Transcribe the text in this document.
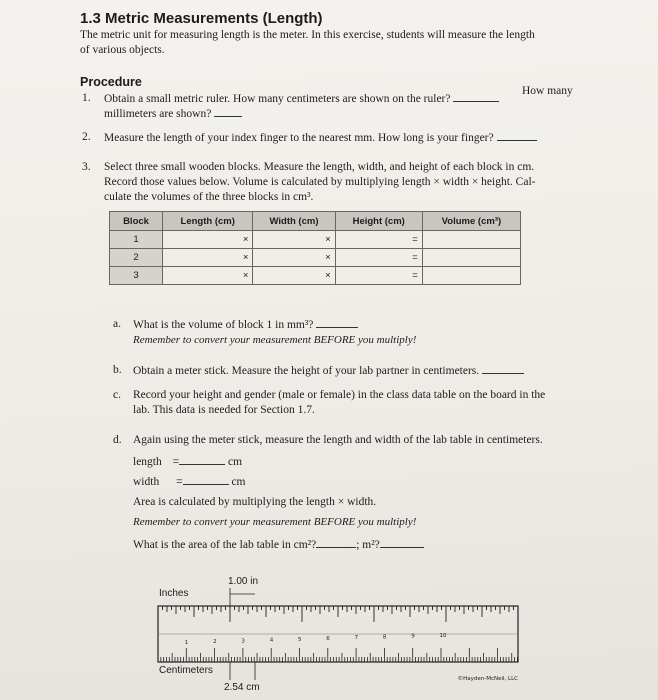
1.3 Metric Measurements (Length)
The metric unit for measuring length is the meter. In this exercise, students will measure the length
of various objects.
Procedure
1. Obtain a small metric ruler. How many centimeters are shown on the ruler?
How many
millimeters are shown?
2. Measure the length of your index finger to the nearest mm. How long is your finger?
3. Select three small wooden blocks. Measure the length, width, and height of each block in cm.
Record those values below. Volume is calculated by multiplying length × width × height. Cal-
culate the volumes of the three blocks in cm³.
Block	Length (cm)	Width (cm)	Height (cm)	Volume (cm³)
1	×	×	=	
2	×	×	=	
3	×	×	=	
a. What is the volume of block 1 in mm³?
Remember to convert your measurement BEFORE you multiply!
b. Obtain a meter stick. Measure the height of your lab partner in centimeters.
c. Record your height and gender (male or female) in the class data table on the board in the
lab. This data is needed for Section 1.7.
d. Again using the meter stick, measure the length and width of the lab table in centimeters.
length =	cm
width =	cm
Area is calculated by multiplying the length × width.
Remember to convert your measurement BEFORE you multiply!
What is the area of the lab table in cm²?	; m²?
1.00 in
Inches
Centimeters
2.54 cm
1	2	3	4	5	6	7	8	9	10
©Hayden-McNeil, LLC
